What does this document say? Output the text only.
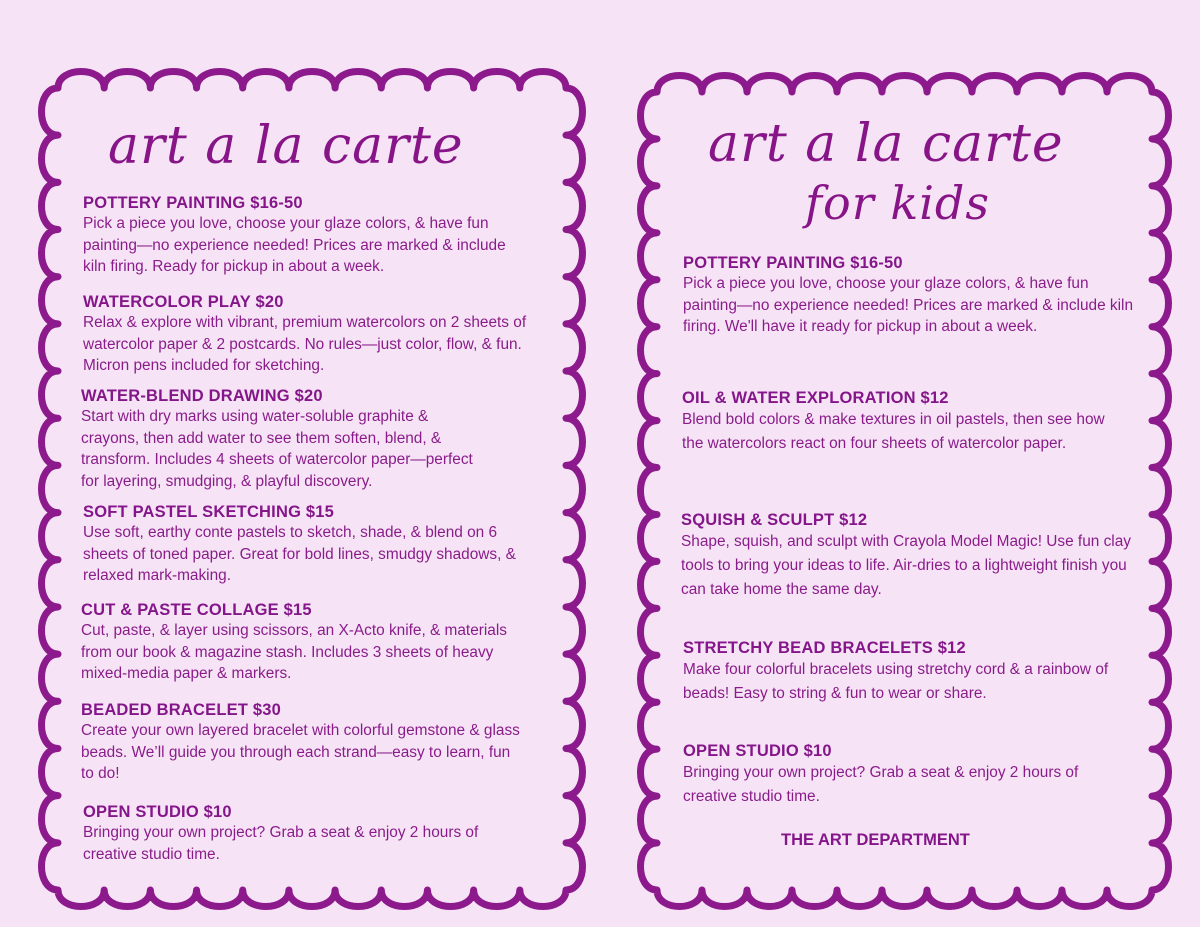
art a la carte	art a la carte
for kids
POTTERY PAINTING $16-50

Pick a piece you love, choose your glaze colors, & have fun painting—no experience needed! Prices are marked & include kiln firing. Ready for pickup in about a week.

WATERCOLOR PLAY $20

Relax & explore with vibrant, premium watercolors on 2 sheets of watercolor paper & 2 postcards. No rules—just color, flow, & fun. Micron pens included for sketching.

WATER-BLEND DRAWING $20

Start with dry marks using water-soluble graphite & crayons, then add water to see them soften, blend, & transform. Includes 4 sheets of watercolor paper—perfect for layering, smudging, & playful discovery.

SOFT PASTEL SKETCHING $15

Use soft, earthy conte pastels to sketch, shade, & blend on 6 sheets of toned paper. Great for bold lines, smudgy shadows, & relaxed mark-making.

CUT & PASTE COLLAGE $15

Cut, paste, & layer using scissors, an X-Acto knife, & materials from our book & magazine stash. Includes 3 sheets of heavy mixed-media paper & markers.

BEADED BRACELET $30

Create your own layered bracelet with colorful gemstone & glass beads. We’ll guide you through each strand—easy to learn, fun to do!

OPEN STUDIO $10

Bringing your own project? Grab a seat & enjoy 2 hours of creative studio time.

POTTERY PAINTING $16-50

Pick a piece you love, choose your glaze colors, & have fun painting—no experience needed! Prices are marked & include kiln firing. We'll have it ready for pickup in about a week.

OIL & WATER EXPLORATION $12

Blend bold colors & make textures in oil pastels, then see how the watercolors react on four sheets of watercolor paper.

SQUISH & SCULPT $12

Shape, squish, and sculpt with Crayola Model Magic! Use fun clay tools to bring your ideas to life. Air-dries to a lightweight finish you can take home the same day.

STRETCHY BEAD BRACELETS $12

Make four colorful bracelets using stretchy cord & a rainbow of beads! Easy to string & fun to wear or share.

OPEN STUDIO $10

Bringing your own project? Grab a seat & enjoy 2 hours of creative studio time.

THE ART DEPARTMENT
